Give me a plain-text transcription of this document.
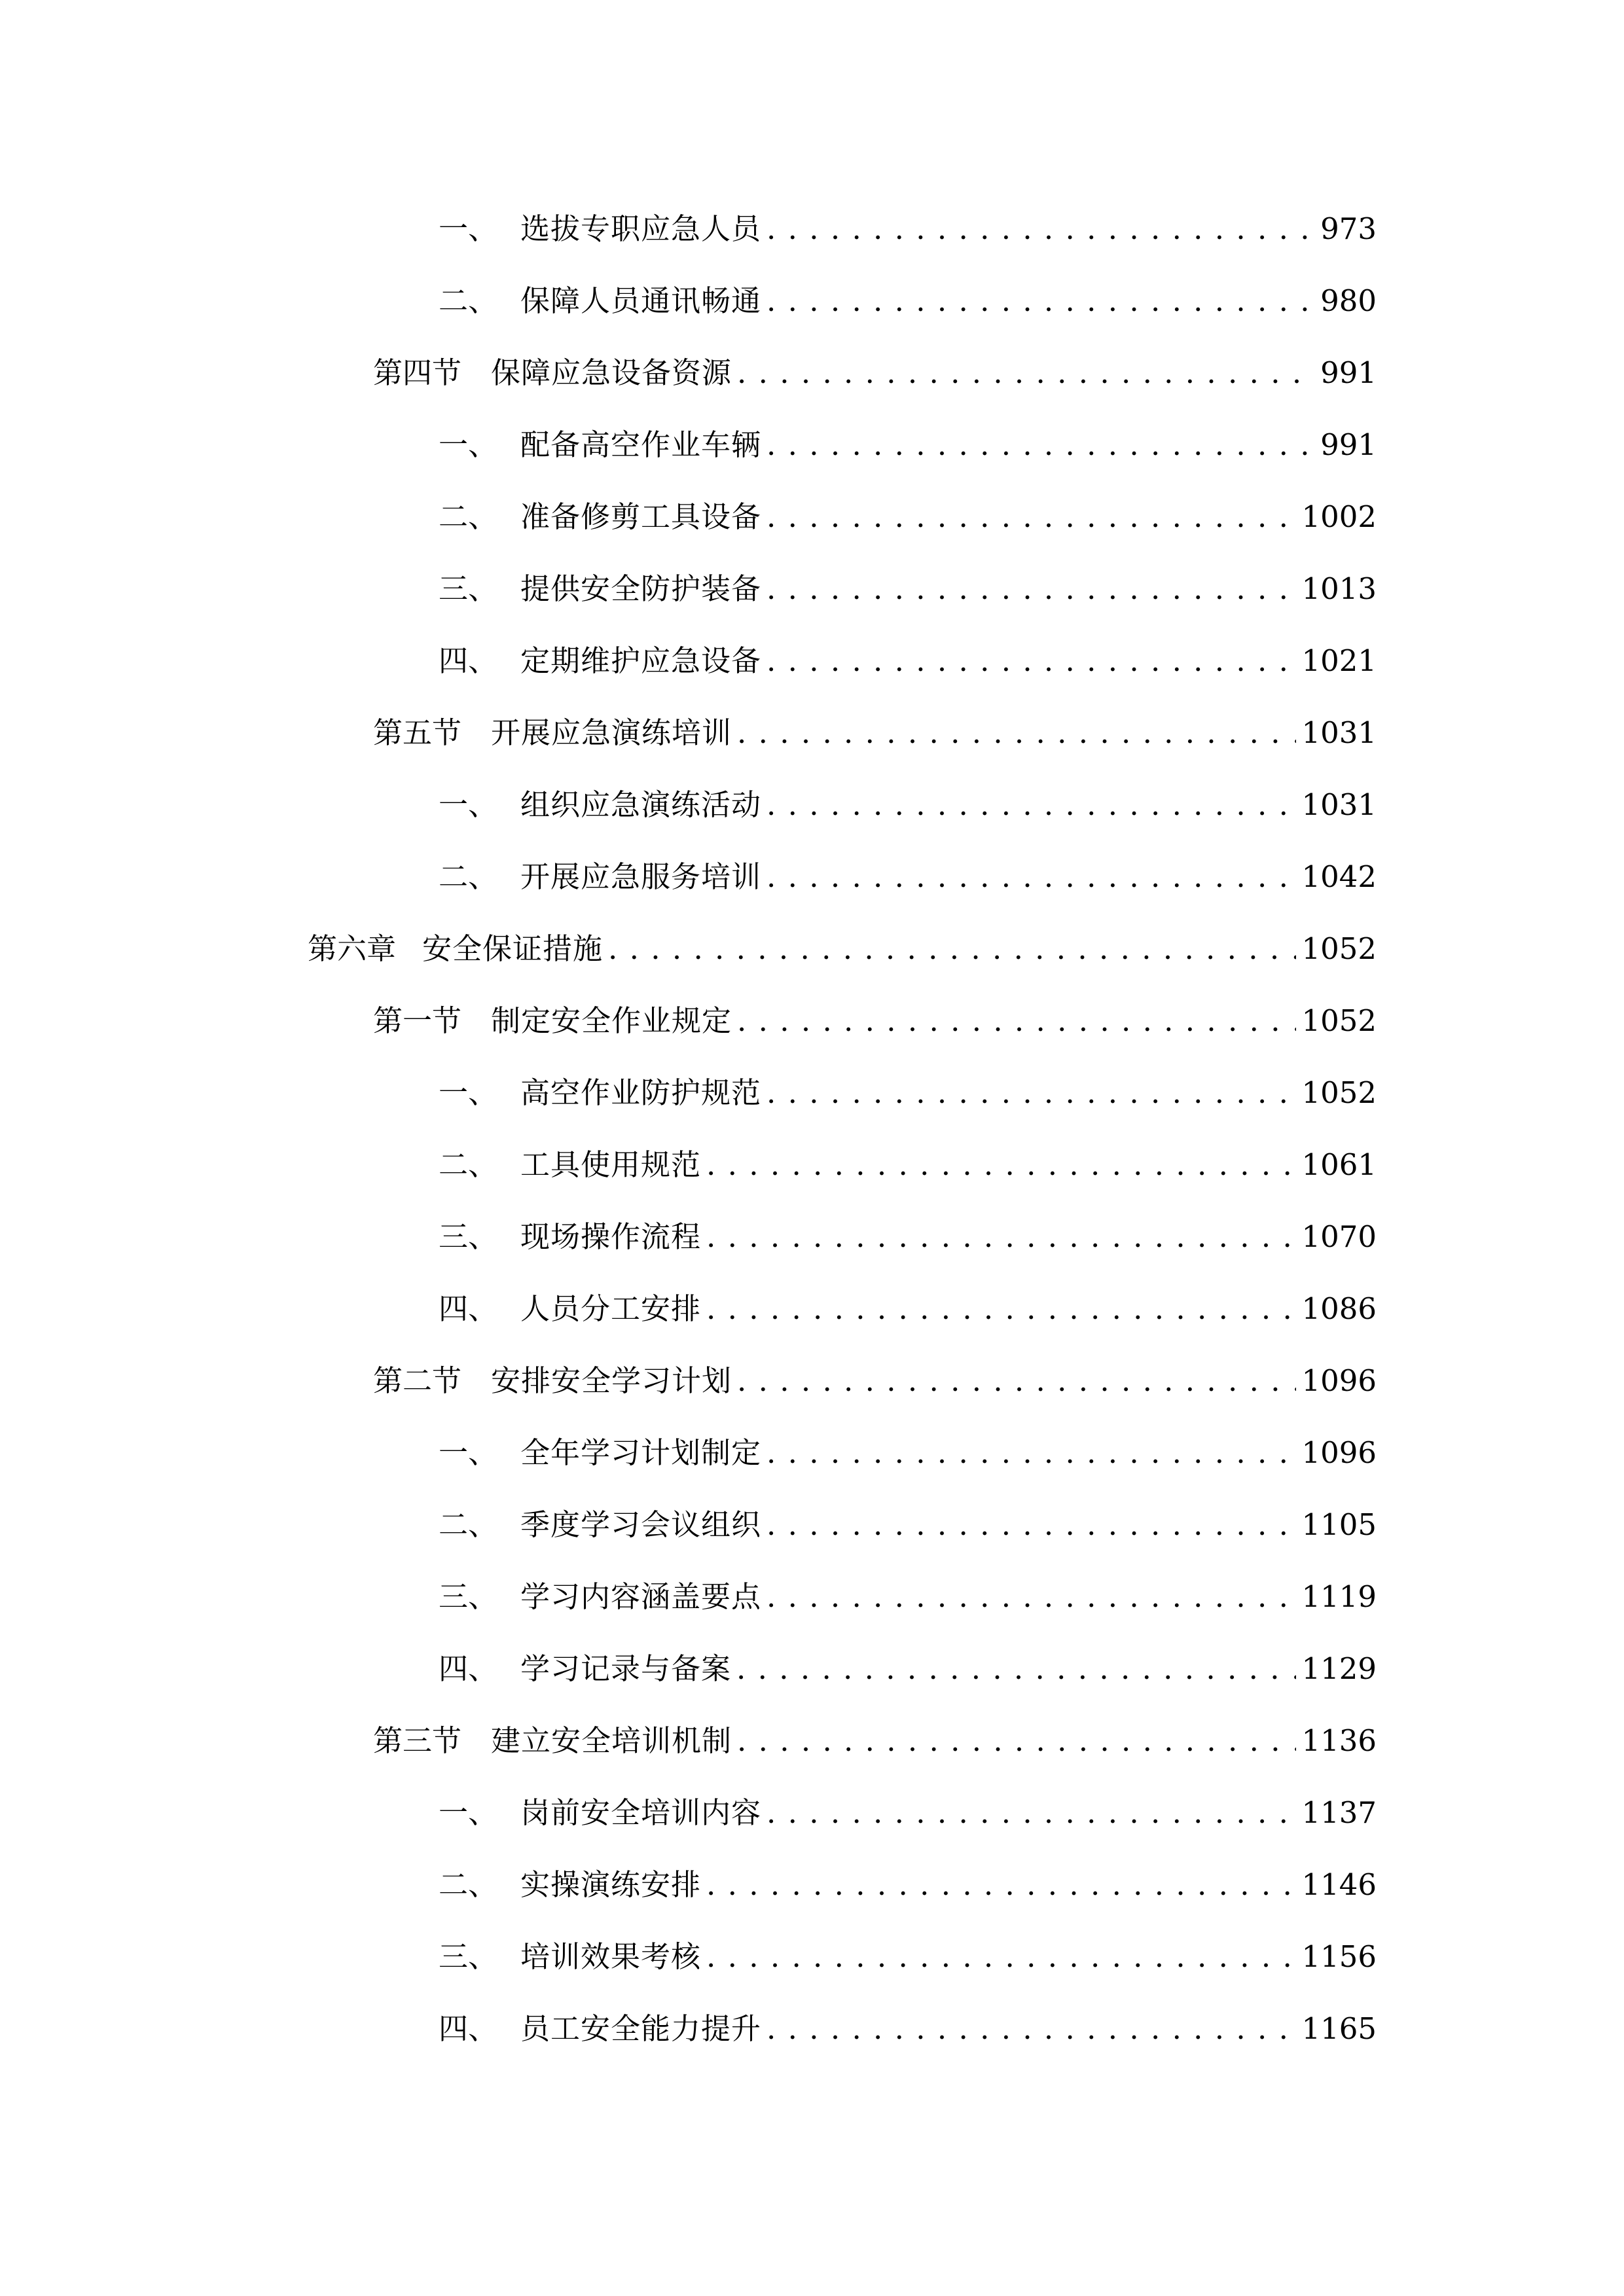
一、 选拔专职应急人员 . . .	973
二、 保障人员通讯畅通 . . .	980
第四节 保障应急设备资源 . . .	991
一、 配备高空作业车辆 . . .	991
二、 准备修剪工具设备 . . .	1002
三、 提供安全防护装备 . . .	1013
四、 定期维护应急设备 . . .	1021
第五节 开展应急演练培训 . . .	1031
一、 组织应急演练活动 . . .	1031
二、 开展应急服务培训 . . .	1042
第六章 安全保证措施 . . .	1052
第一节 制定安全作业规定 . . .	1052
一、 高空作业防护规范 . . .	1052
二、 工具使用规范 . . .	1061
三、 现场操作流程 . . .	1070
四、 人员分工安排 . . .	1086
第二节 安排安全学习计划 . . .	1096
一、 全年学习计划制定 . . .	1096
二、 季度学习会议组织 . . .	1105
三、 学习内容涵盖要点 . . .	1119
四、 学习记录与备案 . . .	1129
第三节 建立安全培训机制 . . .	1136
一、 岗前安全培训内容 . . .	1137
二、 实操演练安排 . . .	1146
三、 培训效果考核 . . .	1156
四、 员工安全能力提升 . . .	1165
